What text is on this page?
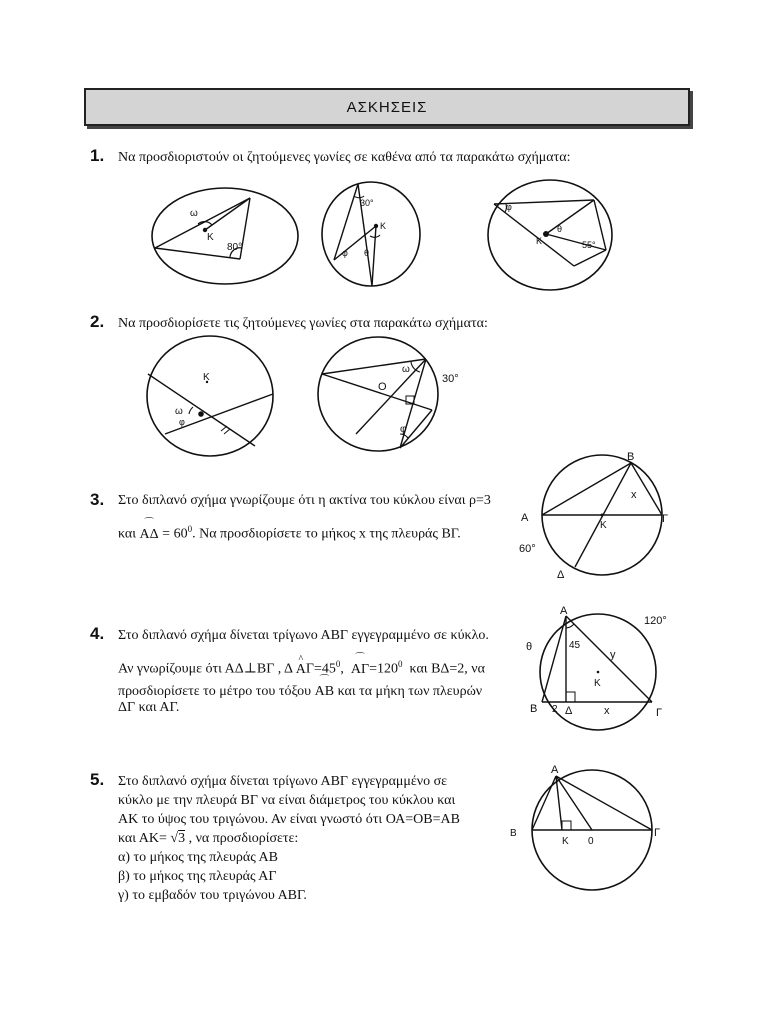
ΑΣΚΗΣΕΙΣ
1. Να προσδιοριστούν οι ζητούμενες γωνίες σε καθένα από τα παρακάτω σχήματα:
ω
K
80°
30°
K
φ θ
φ
K
θ
55°
2. Να προσδιορίσετε τις ζητούμενες γωνίες στα παρακάτω σχήματα:
K
ω
φ
ω
O
φ
30°
3. Στο διπλανό σχήμα γνωρίζουμε ότι η ακτίνα του κύκλου είναι ρ=3
και ⌒ $A\Delta = 60^0$. Να προσδιορίσετε το μήκος x της πλευράς ΒΓ.
Β
Α	Γ
K
Δ
x
60°
4. Στο διπλανό σχήμα δίνεται τρίγωνο ΑΒΓ εγγεγραμμένο σε κύκλο.
Αν γνωρίζουμε ότι ΑΔ⊥ΒΓ , Δ ^ $A\Gamma=45^0$, ⌒ $A\Gamma=120^0$ και ΒΔ=2, να
προσδιορίσετε το μέτρο του τόξου ⌒ ΑΒ και τα μήκη των πλευρών
ΔΓ και ΑΓ.
Α
120°
θ	45
y
K
Β 2 Δ	x	Γ
5. Στο διπλανό σχήμα δίνεται τρίγωνο ΑΒΓ εγγεγραμμένο σε
κύκλο με την πλευρά ΒΓ να είναι διάμετρος του κύκλου και
ΑΚ το ύψος του τριγώνου. Αν είναι γνωστό ότι ΟΑ=ΟΒ=ΑΒ
και ΑΚ= √3 , να προσδιορίσετε:
α) το μήκος της πλευράς ΑΒ
β) το μήκος της πλευράς ΑΓ
γ) το εμβαδόν του τριγώνου ΑΒΓ.
Α
Β
K 0
Γ
